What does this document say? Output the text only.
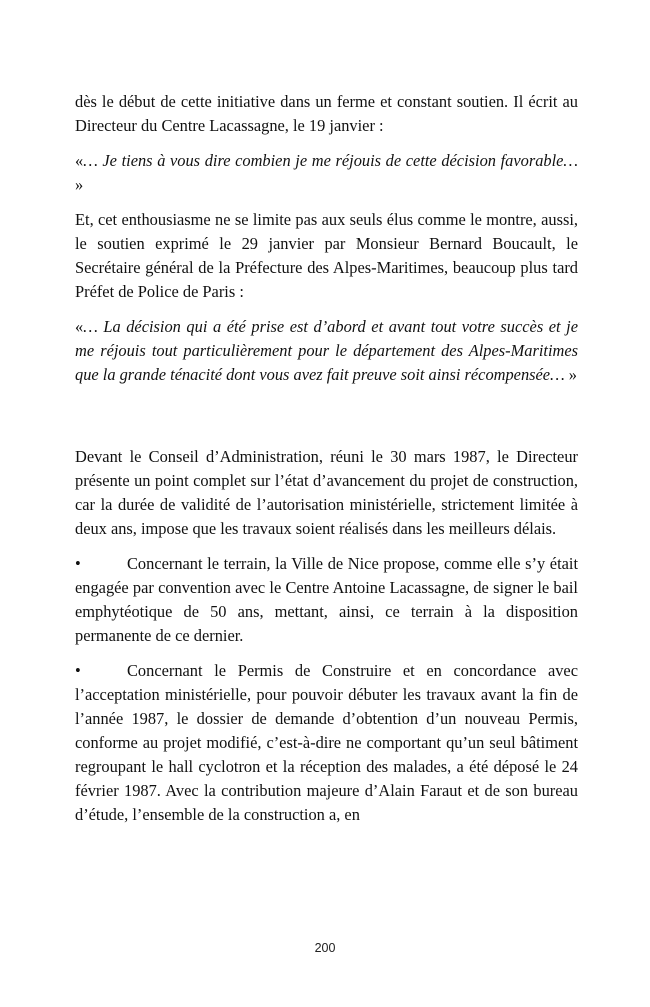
dès le début de cette initiative dans un ferme et constant soutien. Il écrit au Directeur du Centre Lacassagne, le 19 janvier :

«… Je tiens à vous dire combien je me réjouis de cette décision favorable… »

Et, cet enthousiasme ne se limite pas aux seuls élus comme le montre, aussi, le soutien exprimé le 29 janvier par Monsieur Bernard Boucault, le Secrétaire général de la Préfecture des Alpes-Maritimes, beaucoup plus tard Préfet de Police de Paris :

«… La décision qui a été prise est d’abord et avant tout votre succès et je me réjouis tout particulièrement pour le département des Alpes-Maritimes que la grande ténacité dont vous avez fait preuve soit ainsi récompensée… »

Devant le Conseil d’Administration, réuni le 30 mars 1987, le Directeur présente un point complet sur l’état d’avancement du projet de construction, car la durée de validité de l’autorisation ministérielle, strictement limitée à deux ans, impose que les travaux soient réalisés dans les meilleurs délais.

•	Concernant le terrain, la Ville de Nice propose, comme elle s’y était engagée par convention avec le Centre Antoine Lacassagne, de signer le bail emphytéotique de 50 ans, mettant, ainsi, ce terrain à la disposition permanente de ce dernier.

•	Concernant le Permis de Construire et en concordance avec l’acceptation ministérielle, pour pouvoir débuter les travaux avant la fin de l’année 1987, le dossier de demande d’obtention d’un nouveau Permis, conforme au projet modifié, c’est-à-dire ne comportant qu’un seul bâtiment regroupant le hall cyclotron et la réception des malades, a été déposé le 24 février 1987. Avec la contribution majeure d’Alain Faraut et de son bureau d’étude, l’ensemble de la construction a, en

200
